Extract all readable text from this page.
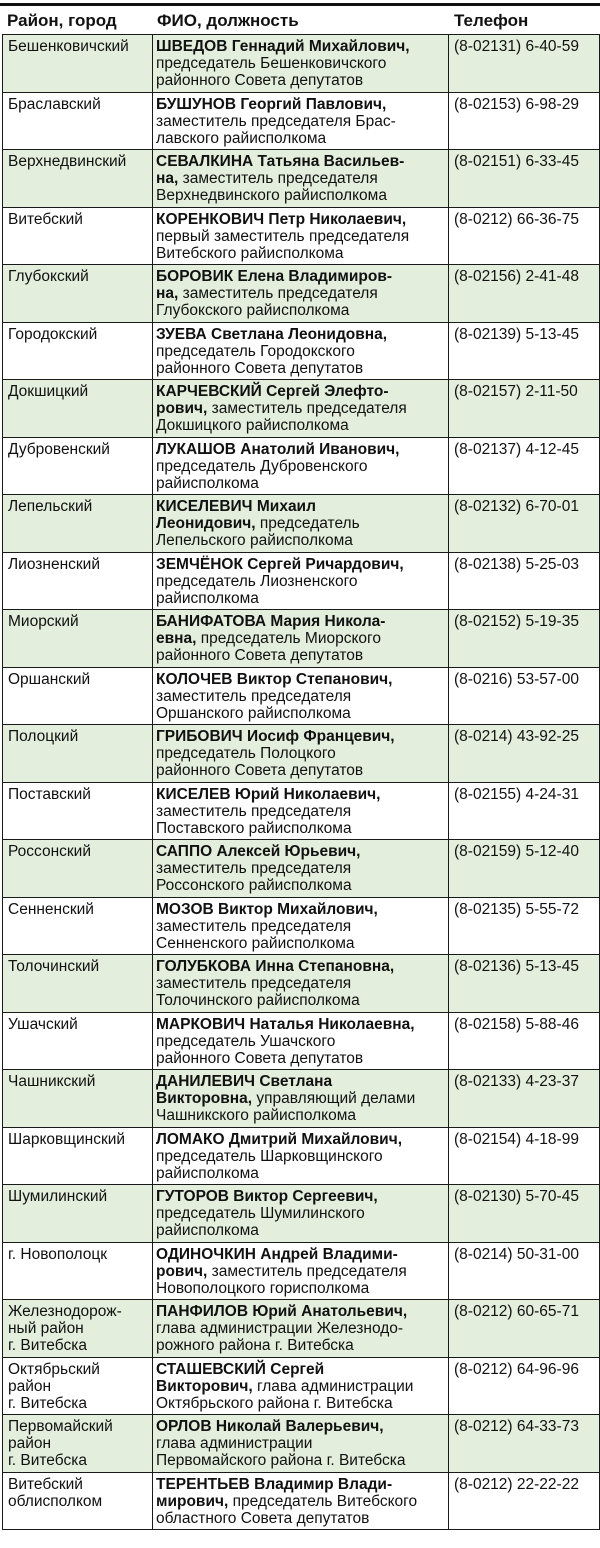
Район, город	ФИО, должность	Телефон
Бешенковичский	ШВЕДОВ Геннадий Михайлович,
председатель Бешенковичского
районного Совета депутатов	(8-02131) 6-40-59
Браславский	БУШУНОВ Георгий Павлович,
заместитель председателя Брас-
лавского райисполкома	(8-02153) 6-98-29
Верхнедвинский	СЕВАЛКИНА Татьяна Васильев-
на, заместитель председателя
Верхнедвинского райисполкома	(8-02151) 6-33-45
Витебский	КОРЕНКОВИЧ Петр Николаевич,
первый заместитель председателя
Витебского райисполкома	(8-0212) 66-36-75
Глубокский	БОРОВИК Елена Владимиров-
на, заместитель председателя
Глубокского райисполкома	(8-02156) 2-41-48
Городокский	ЗУЕВА Светлана Леонидовна,
председатель Городокского
районного Совета депутатов	(8-02139) 5-13-45
Докшицкий	КАРЧЕВСКИЙ Сергей Элефто-
рович, заместитель председателя
Докшицкого райисполкома	(8-02157) 2-11-50
Дубровенский	ЛУКАШОВ Анатолий Иванович,
председатель Дубровенского
райисполкома	(8-02137) 4-12-45
Лепельский	КИСЕЛЕВИЧ Михаил
Леонидович, председатель
Лепельского райисполкома	(8-02132) 6-70-01
Лиозненский	ЗЕМЧЁНОК Сергей Ричардович,
председатель Лиозненского
райисполкома	(8-02138) 5-25-03
Миорский	БАНИФАТОВА Мария Никола-
евна, председатель Миорского
районного Совета депутатов	(8-02152) 5-19-35
Оршанский	КОЛОЧЕВ Виктор Степанович,
заместитель председателя
Оршанского райисполкома	(8-0216) 53-57-00
Полоцкий	ГРИБОВИЧ Иосиф Францевич,
председатель Полоцкого
районного Совета депутатов	(8-0214) 43-92-25
Поставский	КИСЕЛЕВ Юрий Николаевич,
заместитель председателя
Поставского райисполкома	(8-02155) 4-24-31
Россонский	САППО Алексей Юрьевич,
заместитель председателя
Россонского райисполкома	(8-02159) 5-12-40
Сенненский	МОЗОВ Виктор Михайлович,
заместитель председателя
Сенненского райисполкома	(8-02135) 5-55-72
Толочинский	ГОЛУБКОВА Инна Степановна,
заместитель председателя
Толочинского райисполкома	(8-02136) 5-13-45
Ушачский	МАРКОВИЧ Наталья Николаевна,
председатель Ушачского
районного Совета депутатов	(8-02158) 5-88-46
Чашникский	ДАНИЛЕВИЧ Светлана
Викторовна, управляющий делами
Чашникского райисполкома	(8-02133) 4-23-37
Шарковщинский	ЛОМАКО Дмитрий Михайлович,
председатель Шарковщинского
райисполкома	(8-02154) 4-18-99
Шумилинский	ГУТОРОВ Виктор Сергеевич,
председатель Шумилинского
райисполкома	(8-02130) 5-70-45
г. Новополоцк	ОДИНОЧКИН Андрей Владими-
рович, заместитель председателя
Новополоцкого горисполкома	(8-0214) 50-31-00
Железнодорож-
ный район
г. Витебска	ПАНФИЛОВ Юрий Анатольевич,
глава администрации Железнодо-
рожного района г. Витебска	(8-0212) 60-65-71
Октябрьский
район
г. Витебска	СТАШЕВСКИЙ Сергей
Викторович, глава администрации
Октябрьского района г. Витебска	(8-0212) 64-96-96
Первомайский
район
г. Витебска	ОРЛОВ Николай Валерьевич,
глава администрации
Первомайского района г. Витебска	(8-0212) 64-33-73
Витебский
облисполком	ТЕРЕНТЬЕВ Владимир Влади-
мирович, председатель Витебского
областного Совета депутатов	(8-0212) 22-22-22
